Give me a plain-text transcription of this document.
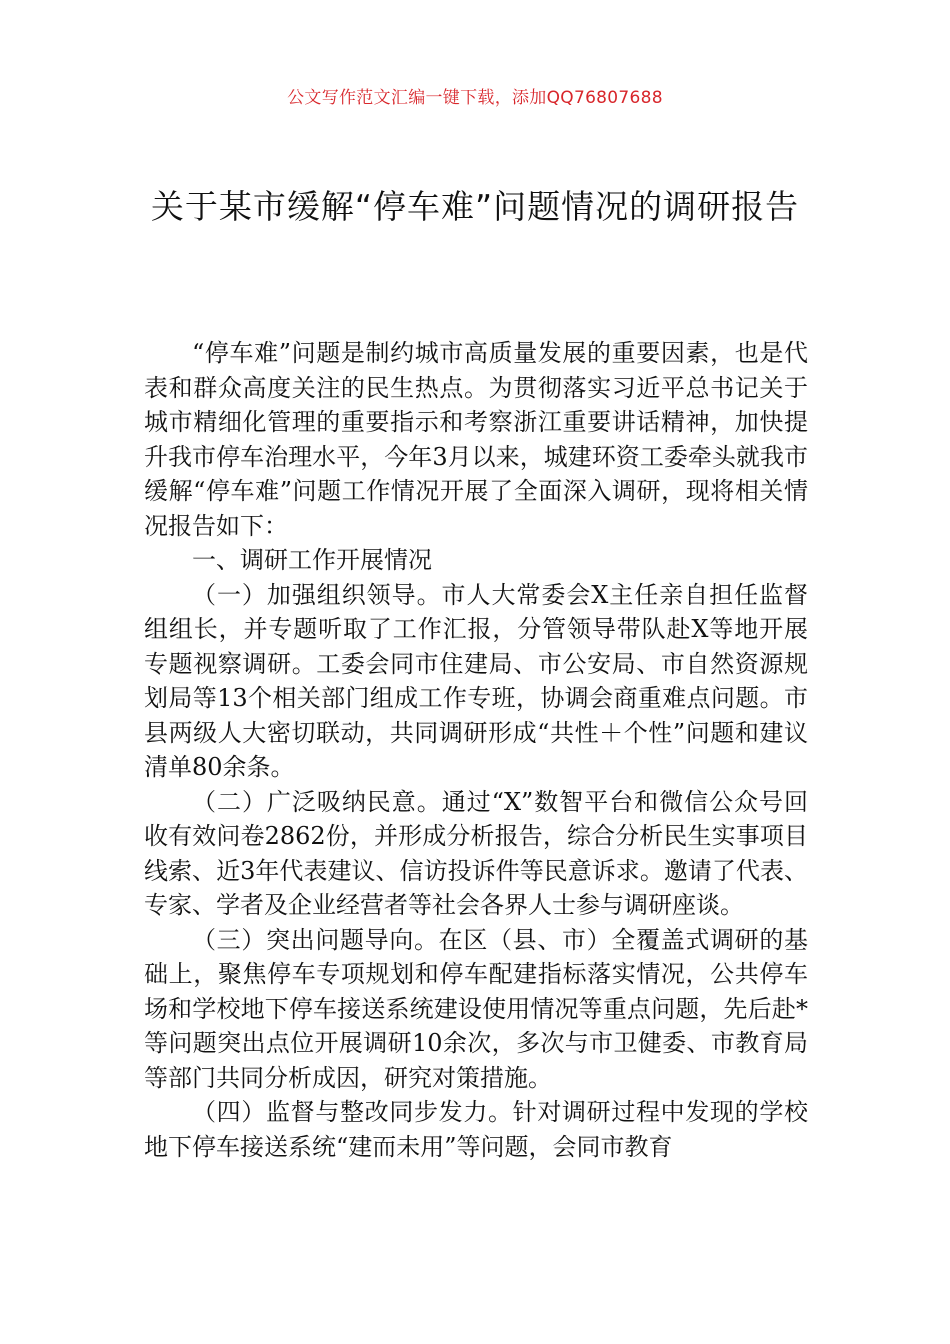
公文写作范文汇编一键下载，添加QQ76807688
关于某市缓解“停车难”问题情况的调研报告

“停车难”问题是制约城市高质量发展的重要因素，也是代表和群众高度关注的民生热点。为贯彻落实习近平总书记关于城市精细化管理的重要指示和考察浙江重要讲话精神，加快提升我市停车治理水平，今年3月以来，城建环资工委牵头就我市缓解“停车难”问题工作情况开展了全面深入调研，现将相关情况报告如下：

一、调研工作开展情况

（一）加强组织领导。市人大常委会X主任亲自担任监督组组长，并专题听取了工作汇报，分管领导带队赴X等地开展专题视察调研。工委会同市住建局、市公安局、市自然资源规划局等13个相关部门组成工作专班，协调会商重难点问题。市县两级人大密切联动，共同调研形成“共性＋个性”问题和建议清单80余条。

（二）广泛吸纳民意。通过“X”数智平台和微信公众号回收有效问卷2862份，并形成分析报告，综合分析民生实事项目线索、近3年代表建议、信访投诉件等民意诉求。邀请了代表、专家、学者及企业经营者等社会各界人士参与调研座谈。

（三）突出问题导向。在区（县、市）全覆盖式调研的基础上，聚焦停车专项规划和停车配建指标落实情况，公共停车场和学校地下停车接送系统建设使用情况等重点问题，先后赴*等问题突出点位开展调研10余次，多次与市卫健委、市教育局等部门共同分析成因，研究对策措施。

（四）监督与整改同步发力。针对调研过程中发现的学校地下停车接送系统“建而未用”等问题，会同市教育
